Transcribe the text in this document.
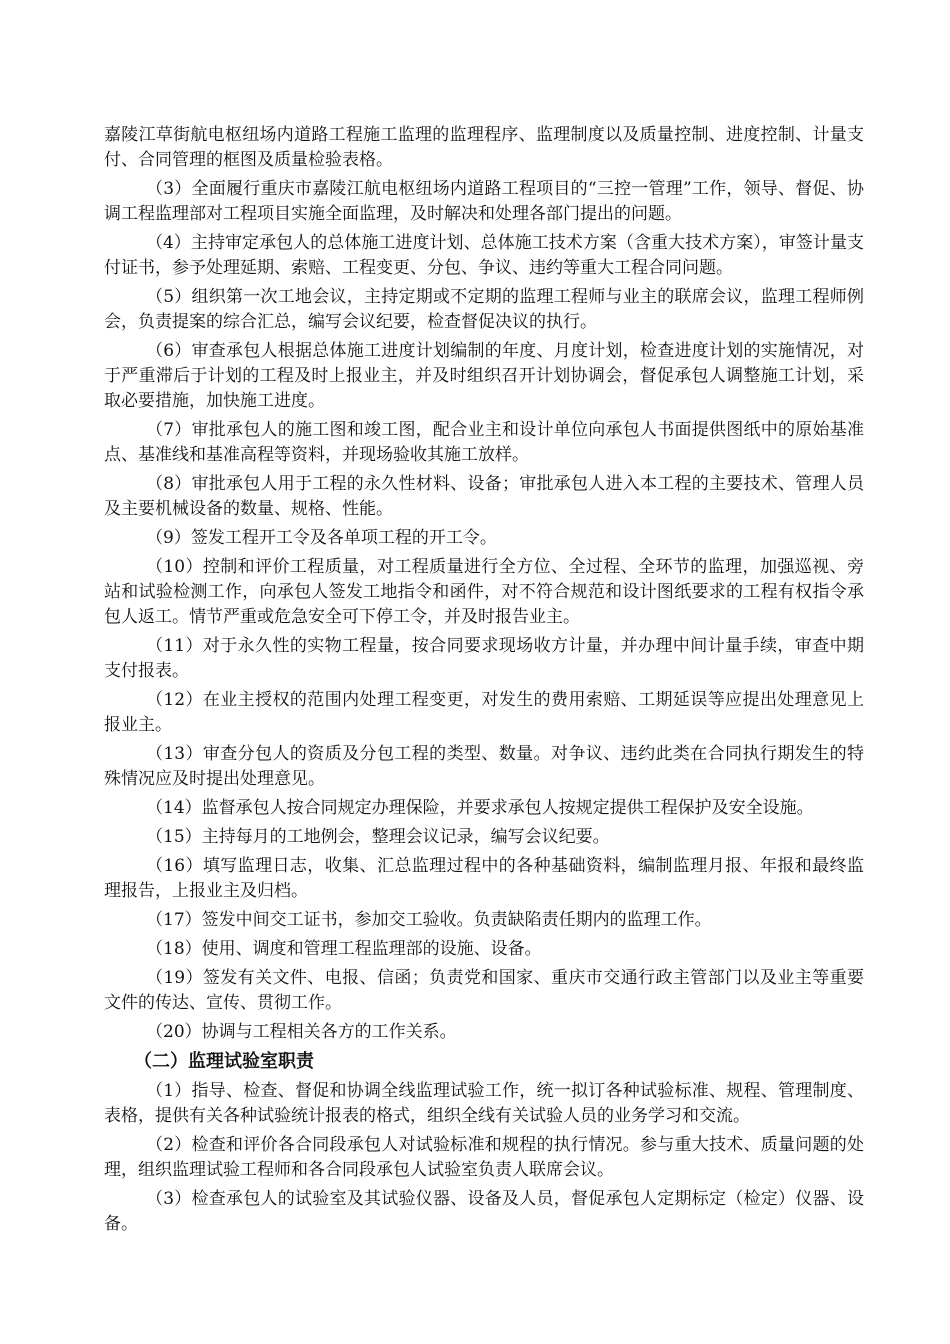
嘉陵江草街航电枢纽场内道路工程施工监理的监理程序、监理制度以及质量控制、进度控制、计量支付、合同管理的框图及质量检验表格。

（3）全面履行重庆市嘉陵江航电枢纽场内道路工程项目的“三控一管理”工作，领导、督促、协调工程监理部对工程项目实施全面监理，及时解决和处理各部门提出的问题。

（4）主持审定承包人的总体施工进度计划、总体施工技术方案（含重大技术方案），审签计量支付证书，参予处理延期、索赔、工程变更、分包、争议、违约等重大工程合同问题。

（5）组织第一次工地会议，主持定期或不定期的监理工程师与业主的联席会议，监理工程师例会，负责提案的综合汇总，编写会议纪要，检查督促决议的执行。

（6）审查承包人根据总体施工进度计划编制的年度、月度计划，检查进度计划的实施情况，对于严重滞后于计划的工程及时上报业主，并及时组织召开计划协调会，督促承包人调整施工计划，采取必要措施，加快施工进度。

（7）审批承包人的施工图和竣工图，配合业主和设计单位向承包人书面提供图纸中的原始基准点、基准线和基准高程等资料，并现场验收其施工放样。

（8）审批承包人用于工程的永久性材料、设备；审批承包人进入本工程的主要技术、管理人员及主要机械设备的数量、规格、性能。

（9）签发工程开工令及各单项工程的开工令。

（10）控制和评价工程质量，对工程质量进行全方位、全过程、全环节的监理，加强巡视、旁站和试验检测工作，向承包人签发工地指令和函件，对不符合规范和设计图纸要求的工程有权指令承包人返工。情节严重或危急安全可下停工令，并及时报告业主。

（11）对于永久性的实物工程量，按合同要求现场收方计量，并办理中间计量手续，审查中期支付报表。

（12）在业主授权的范围内处理工程变更，对发生的费用索赔、工期延误等应提出处理意见上报业主。

（13）审查分包人的资质及分包工程的类型、数量。对争议、违约此类在合同执行期发生的特殊情况应及时提出处理意见。

（14）监督承包人按合同规定办理保险，并要求承包人按规定提供工程保护及安全设施。

（15）主持每月的工地例会，整理会议记录，编写会议纪要。

（16）填写监理日志，收集、汇总监理过程中的各种基础资料，编制监理月报、年报和最终监理报告，上报业主及归档。

（17）签发中间交工证书，参加交工验收。负责缺陷责任期内的监理工作。

（18）使用、调度和管理工程监理部的设施、设备。

（19）签发有关文件、电报、信函；负责党和国家、重庆市交通行政主管部门以及业主等重要文件的传达、宣传、贯彻工作。

（20）协调与工程相关各方的工作关系。

（二）监理试验室职责

（1）指导、检查、督促和协调全线监理试验工作，统一拟订各种试验标准、规程、管理制度、表格，提供有关各种试验统计报表的格式，组织全线有关试验人员的业务学习和交流。

（2）检查和评价各合同段承包人对试验标准和规程的执行情况。参与重大技术、质量问题的处理，组织监理试验工程师和各合同段承包人试验室负责人联席会议。

（3）检查承包人的试验室及其试验仪器、设备及人员，督促承包人定期标定（检定）仪器、设备。
